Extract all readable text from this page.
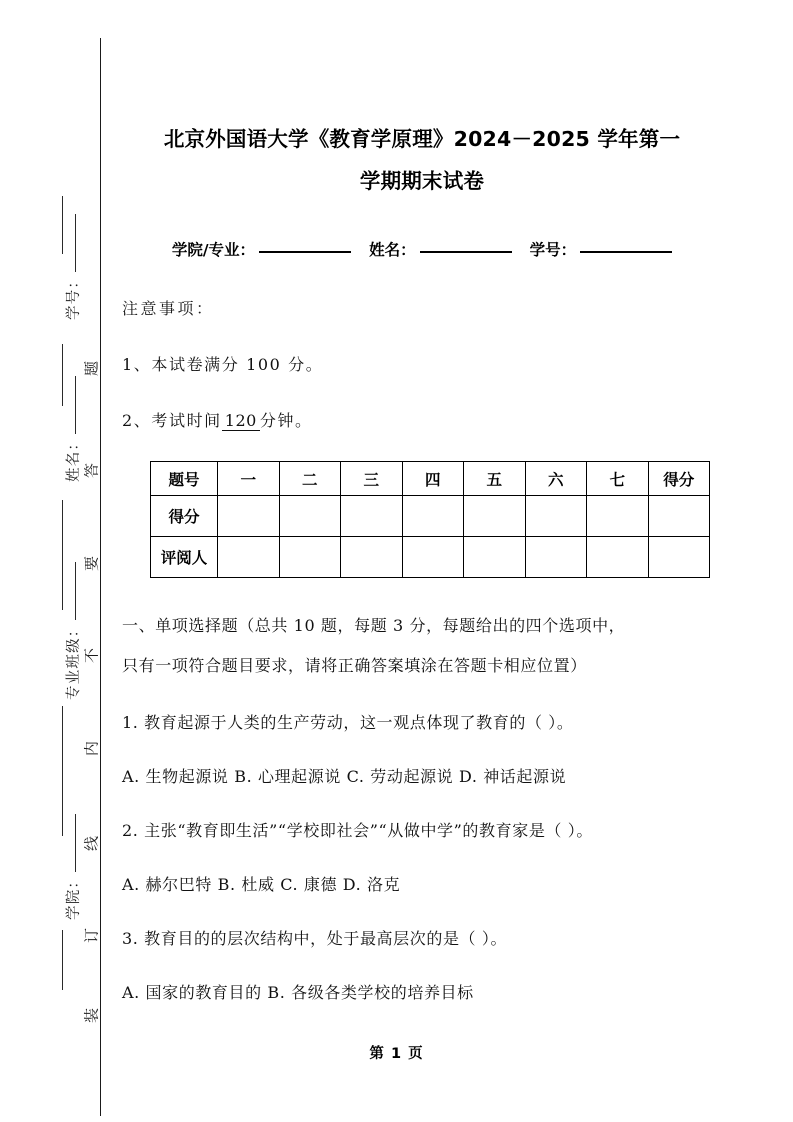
学号：
姓名：
专业班级：
学院：
题
答
要
不
内
线
订
装
北京外国语大学《教育学原理》2024－2025 学年第一
学期期末试卷
学院/专业：	姓名：	学号：
注意事项：
1、本试卷满分 100 分。
2、考试时间 120 分钟。
题号	一	二	三	四	五	六	七	得分
得分								
评阅人								
一、单项选择题（总共 10 题，每题 3 分，每题给出的四个选项中，
只有一项符合题目要求，请将正确答案填涂在答题卡相应位置）
1. 教育起源于人类的生产劳动，这一观点体现了教育的（ ）。
A. 生物起源说 B. 心理起源说 C. 劳动起源说 D. 神话起源说
2. 主张“教育即生活”“学校即社会”“从做中学”的教育家是（ ）。
A. 赫尔巴特 B. 杜威 C. 康德 D. 洛克
3. 教育目的的层次结构中，处于最高层次的是（ ）。
A. 国家的教育目的 B. 各级各类学校的培养目标
第 1 页
